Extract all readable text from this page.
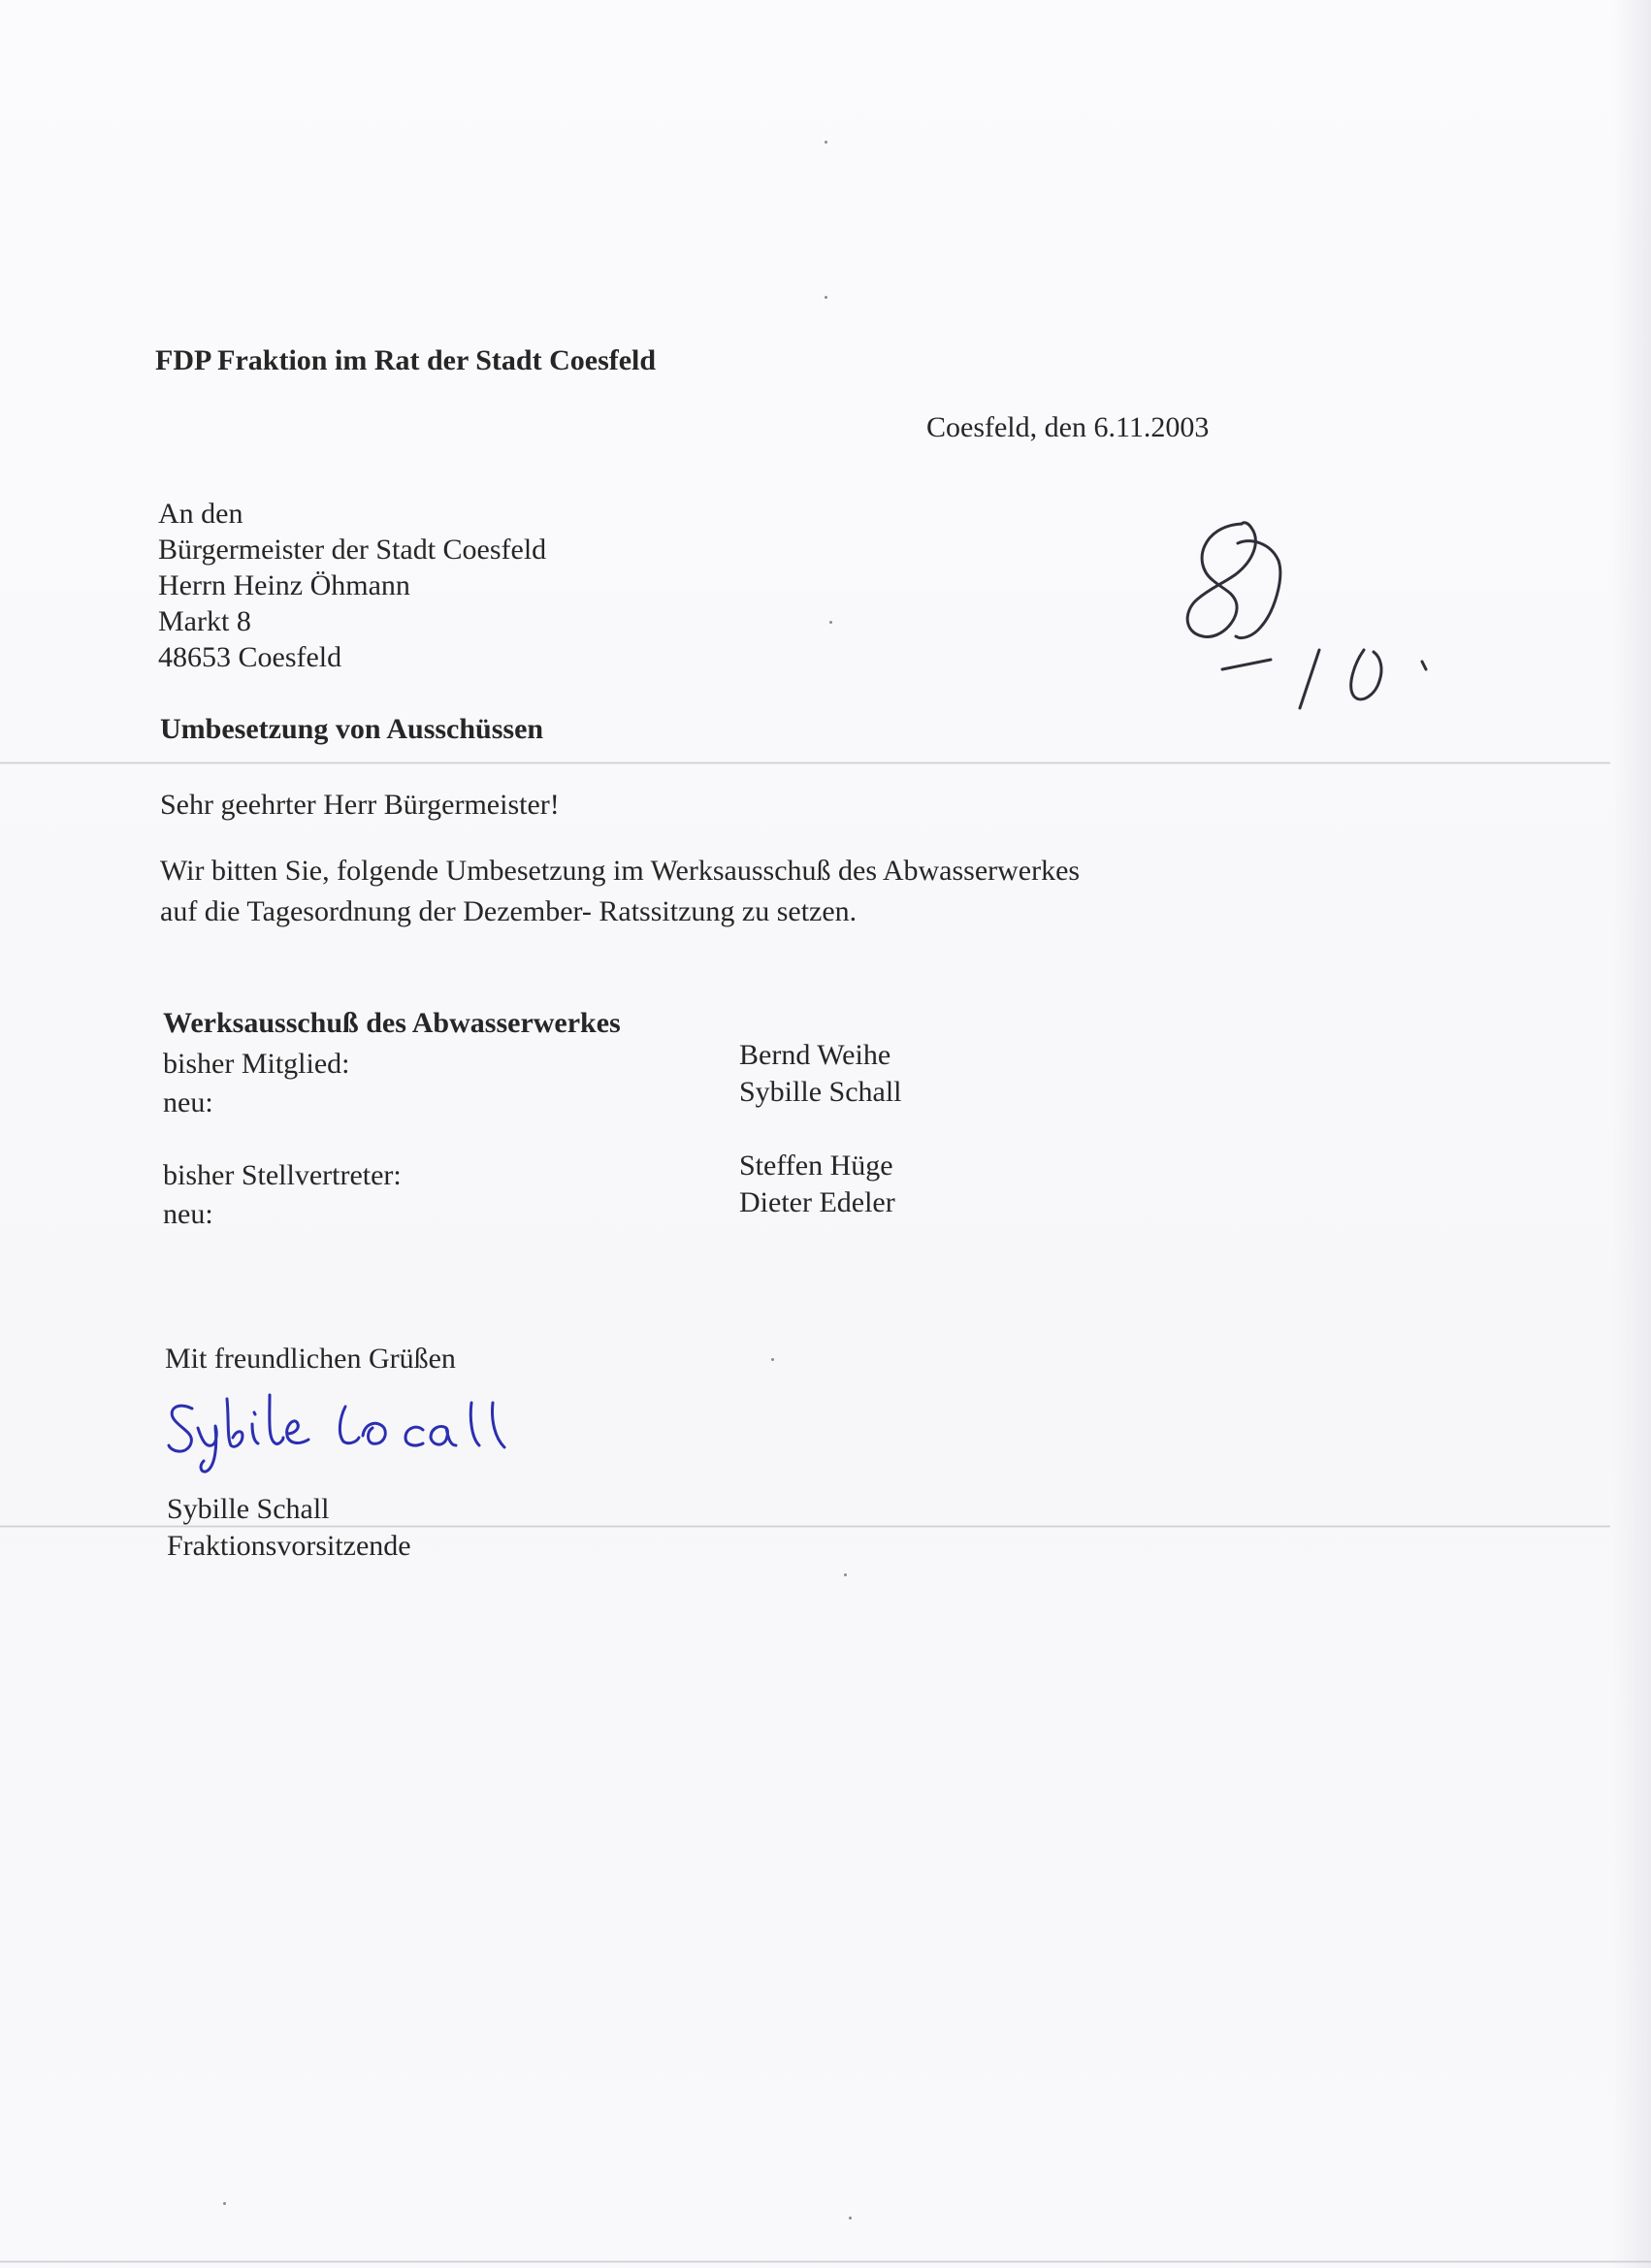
FDP Fraktion im Rat der Stadt Coesfeld
Coesfeld, den 6.11.2003
An den
Bürgermeister der Stadt Coesfeld
Herrn Heinz Öhmann
Markt 8
48653 Coesfeld
Umbesetzung von Ausschüssen
Sehr geehrter Herr Bürgermeister!
Wir bitten Sie, folgende Umbesetzung im Werksausschuß des Abwasserwerkes
auf die Tagesordnung der Dezember- Ratssitzung zu setzen.
Werksausschuß des Abwasserwerkes
bisher Mitglied:	Bernd Weihe
neu:	Sybille Schall
bisher Stellvertreter:	Steffen Hüge
neu:	Dieter Edeler
Mit freundlichen Grüßen
Sybille Schall
Fraktionsvorsitzende
